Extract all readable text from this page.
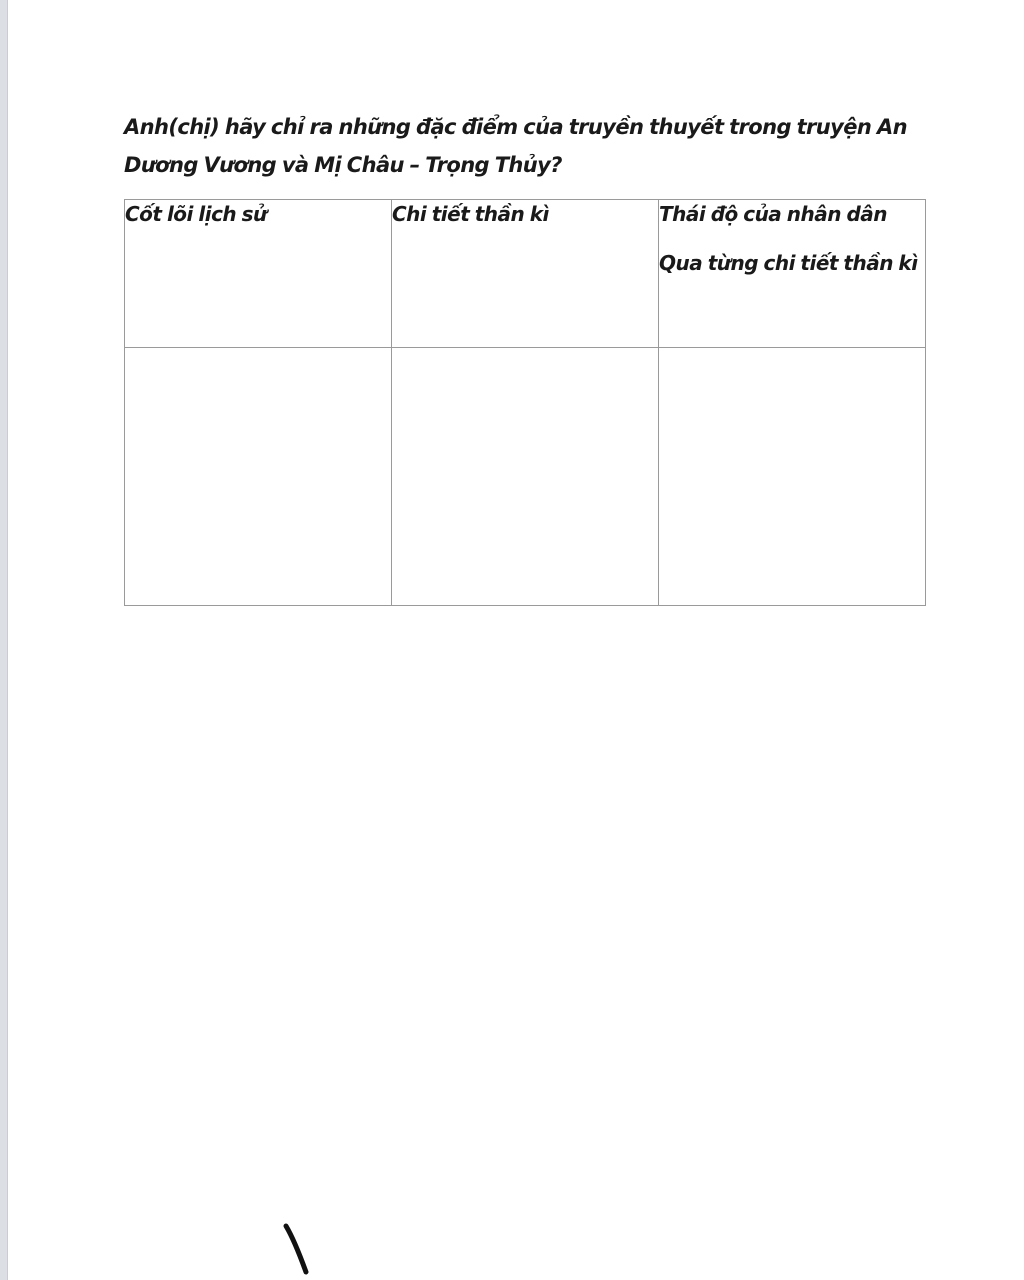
Anh(chị) hãy chỉ ra những đặc điểm của truyền thuyết trong truyện An Dương Vương và Mị Châu – Trọng Thủy?

Cốt lõi lịch sử	Chi tiết thần kì	Thái độ của nhân dân
Qua từng chi tiết thần kì
